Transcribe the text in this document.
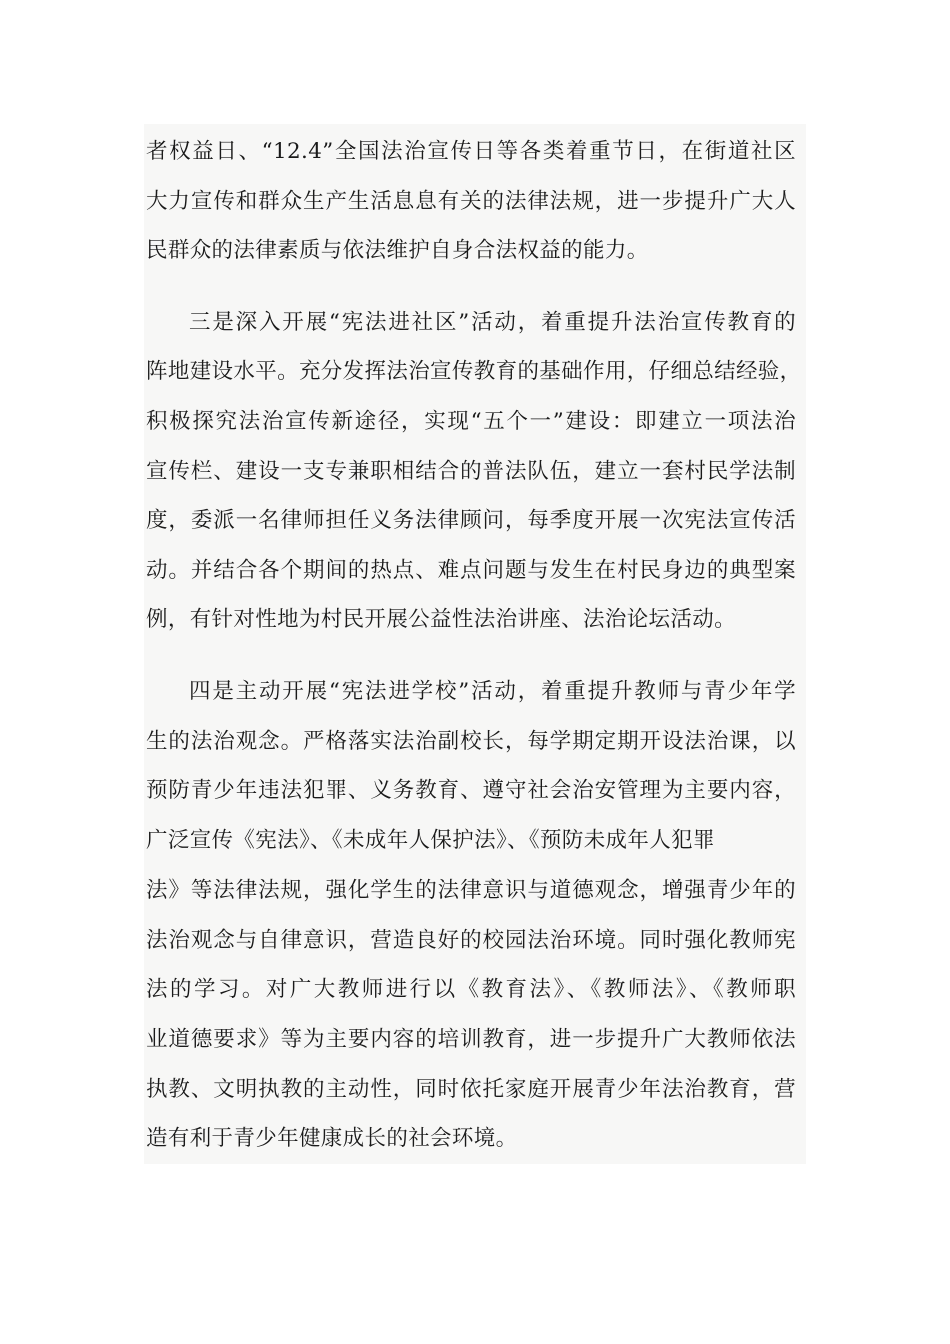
者权益日、“12.4”全国法治宣传日等各类着重节日，在街道社区
大力宣传和群众生产生活息息有关的法律法规，进一步提升广大人
民群众的法律素质与依法维护自身合法权益的能力。
三是深入开展“宪法进社区”活动，着重提升法治宣传教育的
阵地建设水平。充分发挥法治宣传教育的基础作用，仔细总结经验，
积极探究法治宣传新途径，实现“五个一”建设：即建立一项法治
宣传栏、建设一支专兼职相结合的普法队伍，建立一套村民学法制
度，委派一名律师担任义务法律顾问，每季度开展一次宪法宣传活
动。并结合各个期间的热点、难点问题与发生在村民身边的典型案
例，有针对性地为村民开展公益性法治讲座、法治论坛活动。
四是主动开展“宪法进学校”活动，着重提升教师与青少年学
生的法治观念。严格落实法治副校长，每学期定期开设法治课，以
预防青少年违法犯罪、义务教育、遵守社会治安管理为主要内容，
广泛宣传《宪法》、《未成年人保护法》、《预防未成年人犯罪
法》等法律法规，强化学生的法律意识与道德观念，增强青少年的
法治观念与自律意识，营造良好的校园法治环境。同时强化教师宪
法的学习。对广大教师进行以《教育法》、《教师法》、《教师职
业道德要求》等为主要内容的培训教育，进一步提升广大教师依法
执教、文明执教的主动性，同时依托家庭开展青少年法治教育，营
造有利于青少年健康成长的社会环境。
